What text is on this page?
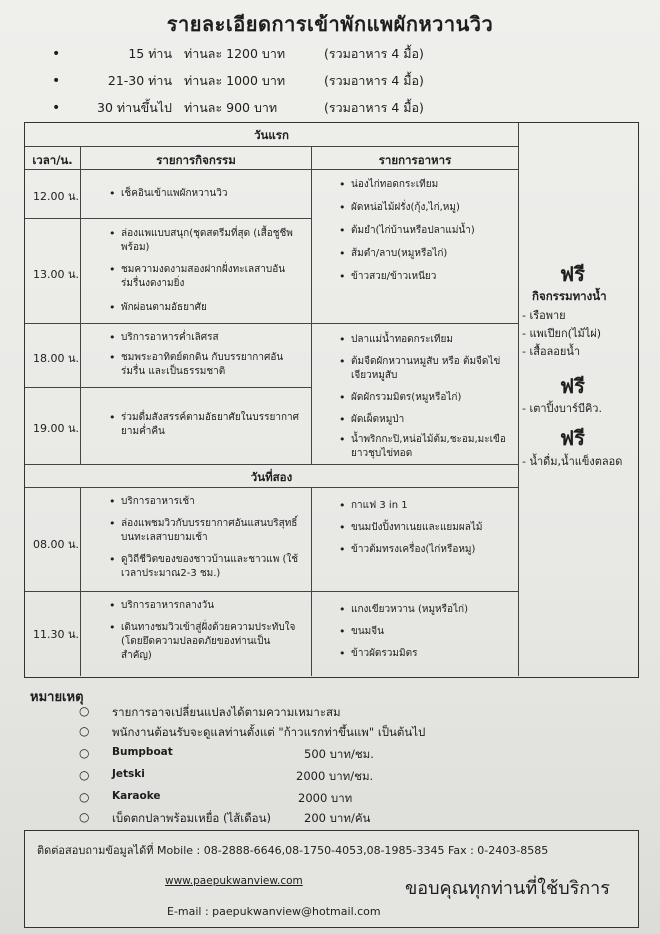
รายละเอียดการเข้าพักแพผักหวานวิว
•	15 ท่าน ท่านละ 1200 บาท	(รวมอาหาร 4 มื้อ)
•	21-30 ท่าน ท่านละ 1000 บาท	(รวมอาหาร 4 มื้อ)
•	30 ท่านขึ้นไป ท่านละ 900 บาท	(รวมอาหาร 4 มื้อ)
วันแรก
เวลา/น.	รายการกิจกรรม	รายการอาหาร
12.00 น.
•	เช็คอินเข้าแพผักหวานวิว
• น่องไก่ทอดกระเทียม
• ผัดหน่อไม้ฝรั่ง(กุ้ง,ไก่,หมู)
• ต้มยำ(ไก่บ้านหรือปลาแม่น้ำ)
• ส้มตำ/ลาบ(หมูหรือไก่)
• ข้าวสวย/ข้าวเหนียว
13.00 น.
• ล่องแพแบบสนุก(ชุดสตรีมที่สุด (เสื้อชูชีพพร้อม)
• ชมความงดงามสองฝากฝั่งทะเลสาบอันร่มรื่นงดงามยิ่ง
• พักผ่อนตามอัธยาศัย
18.00 น.
• บริการอาหารค่ำเลิศรส
• ชมพระอาทิตย์ตกดิน กับบรรยากาศอันร่มรื่น และเป็นธรรมชาติ
• ปลาแม่น้ำทอดกระเทียม
• ต้มจืดผักหวานหมูสับ หรือ ต้มจืดไข่เจียวหมูสับ
• ผัดผักรวมมิตร(หมูหรือไก่)
• ผัดเผ็ดหมูป่า
• น้ำพริกกะปิ,หน่อไม้ต้ม,ชะอม,มะเขือยาวชุบไข่ทอด
19.00 น.
• ร่วมดื่มสังสรรค์ตามอัธยาศัยในบรรยากาศยามค่ำคืน
วันที่สอง
08.00 น.
• บริการอาหารเช้า
• ล่องแพชมวิวกับบรรยากาศอันแสนบริสุทธิ์บนทะเลสาบยามเช้า
• ดูวิถีชีวิตของของชาวบ้านและชาวแพ (ใช้เวลาประมาณ2-3 ชม.)
• กาแฟ 3 in 1
• ขนมปังปิ้งทาเนยและแยมผลไม้
• ข้าวต้มทรงเครื่อง(ไก่หรือหมู)
11.30 น.
• บริการอาหารกลางวัน
• เดินทางชมวิวเข้าสู่ฝั่งด้วยความประทับใจ (โดยยึดความปลอดภัยของท่านเป็นสำคัญ)
• แกงเขียวหวาน (หมูหรือไก่)
• ขนมจีน
• ข้าวผัดรวมมิตร
ฟรี
กิจกรรมทางน้ำ
- เรือพาย
- แพเปียก(ไม้ไผ่)
- เสื้อลอยน้ำ
ฟรี
- เตาปิ้งบาร์บีคิว.
ฟรี
- น้ำดื่ม,น้ำแข็งตลอด
หมายเหตุ
○ รายการอาจเปลี่ยนแปลงได้ตามความเหมาะสม
○ พนักงานต้อนรับจะดูแลท่านตั้งแต่ "ก้าวแรกท่าขึ้นแพ" เป็นต้นไป
○ Bumpboat	500 บาท/ชม.
○ Jetski	2000 บาท/ชม.
○ Karaoke	2000 บาท
○ เบ็ดตกปลาพร้อมเหยื่อ (ไส้เดือน)	200 บาท/คัน
ติดต่อสอบถามข้อมูลได้ที่ Mobile : 08-2888-6646,08-1750-4053,08-1985-3345 Fax : 0-2403-8585
www.paepukwanview.com	ขอบคุณทุกท่านที่ใช้บริการ
E-mail : paepukwanview@hotmail.com
